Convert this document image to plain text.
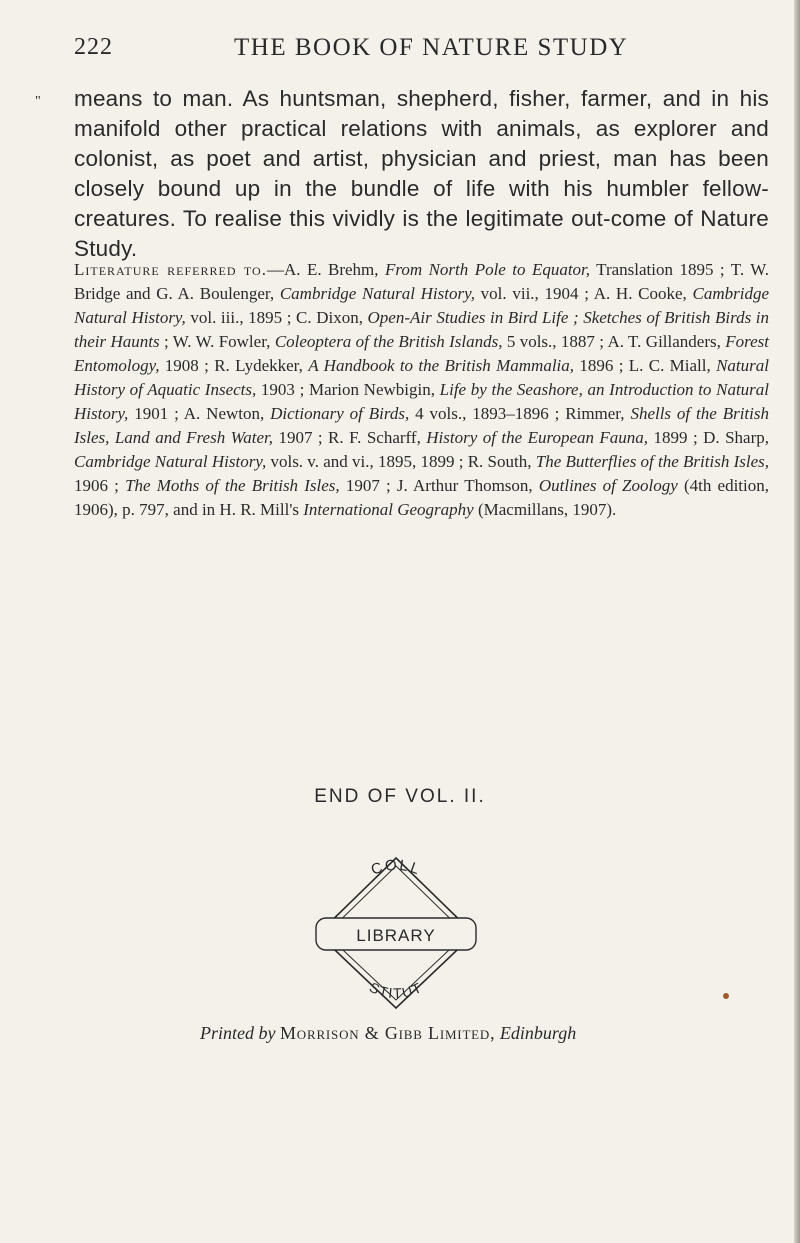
"
222	THE BOOK OF NATURE STUDY

means to man. As huntsman, shepherd, fisher, farmer, and in his manifold other practical relations with animals, as explorer and colonist, as poet and artist, physician and priest, man has been closely bound up in the bundle of life with his humbler fellow-creatures. To realise this vividly is the legitimate out-come of Nature Study.

Literature referred to.—A. E. Brehm, From North Pole to Equator, Translation 1895 ; T. W. Bridge and G. A. Boulenger, Cambridge Natural History, vol. vii., 1904 ; A. H. Cooke, Cambridge Natural History, vol. iii., 1895 ; C. Dixon, Open-Air Studies in Bird Life ; Sketches of British Birds in their Haunts ; W. W. Fowler, Coleoptera of the British Islands, 5 vols., 1887 ; A. T. Gillanders, Forest Entomology, 1908 ; R. Lydekker, A Handbook to the British Mammalia, 1896 ; L. C. Miall, Natural History of Aquatic Insects, 1903 ; Marion Newbigin, Life by the Seashore, an Introduction to Natural History, 1901 ; A. Newton, Dictionary of Birds, 4 vols., 1893–1896 ; Rimmer, Shells of the British Isles, Land and Fresh Water, 1907 ; R. F. Scharff, History of the European Fauna, 1899 ; D. Sharp, Cambridge Natural History, vols. v. and vi., 1895, 1899 ; R. South, The Butterflies of the British Isles, 1906 ; The Moths of the British Isles, 1907 ; J. Arthur Thomson, Outlines of Zoology (4th edition, 1906), p. 797, and in H. R. Mill's International Geography (Macmillans, 1907).

END OF VOL. II.
COLL
LIBRARY
STITUT
Printed by Morrison & Gibb Limited, Edinburgh
